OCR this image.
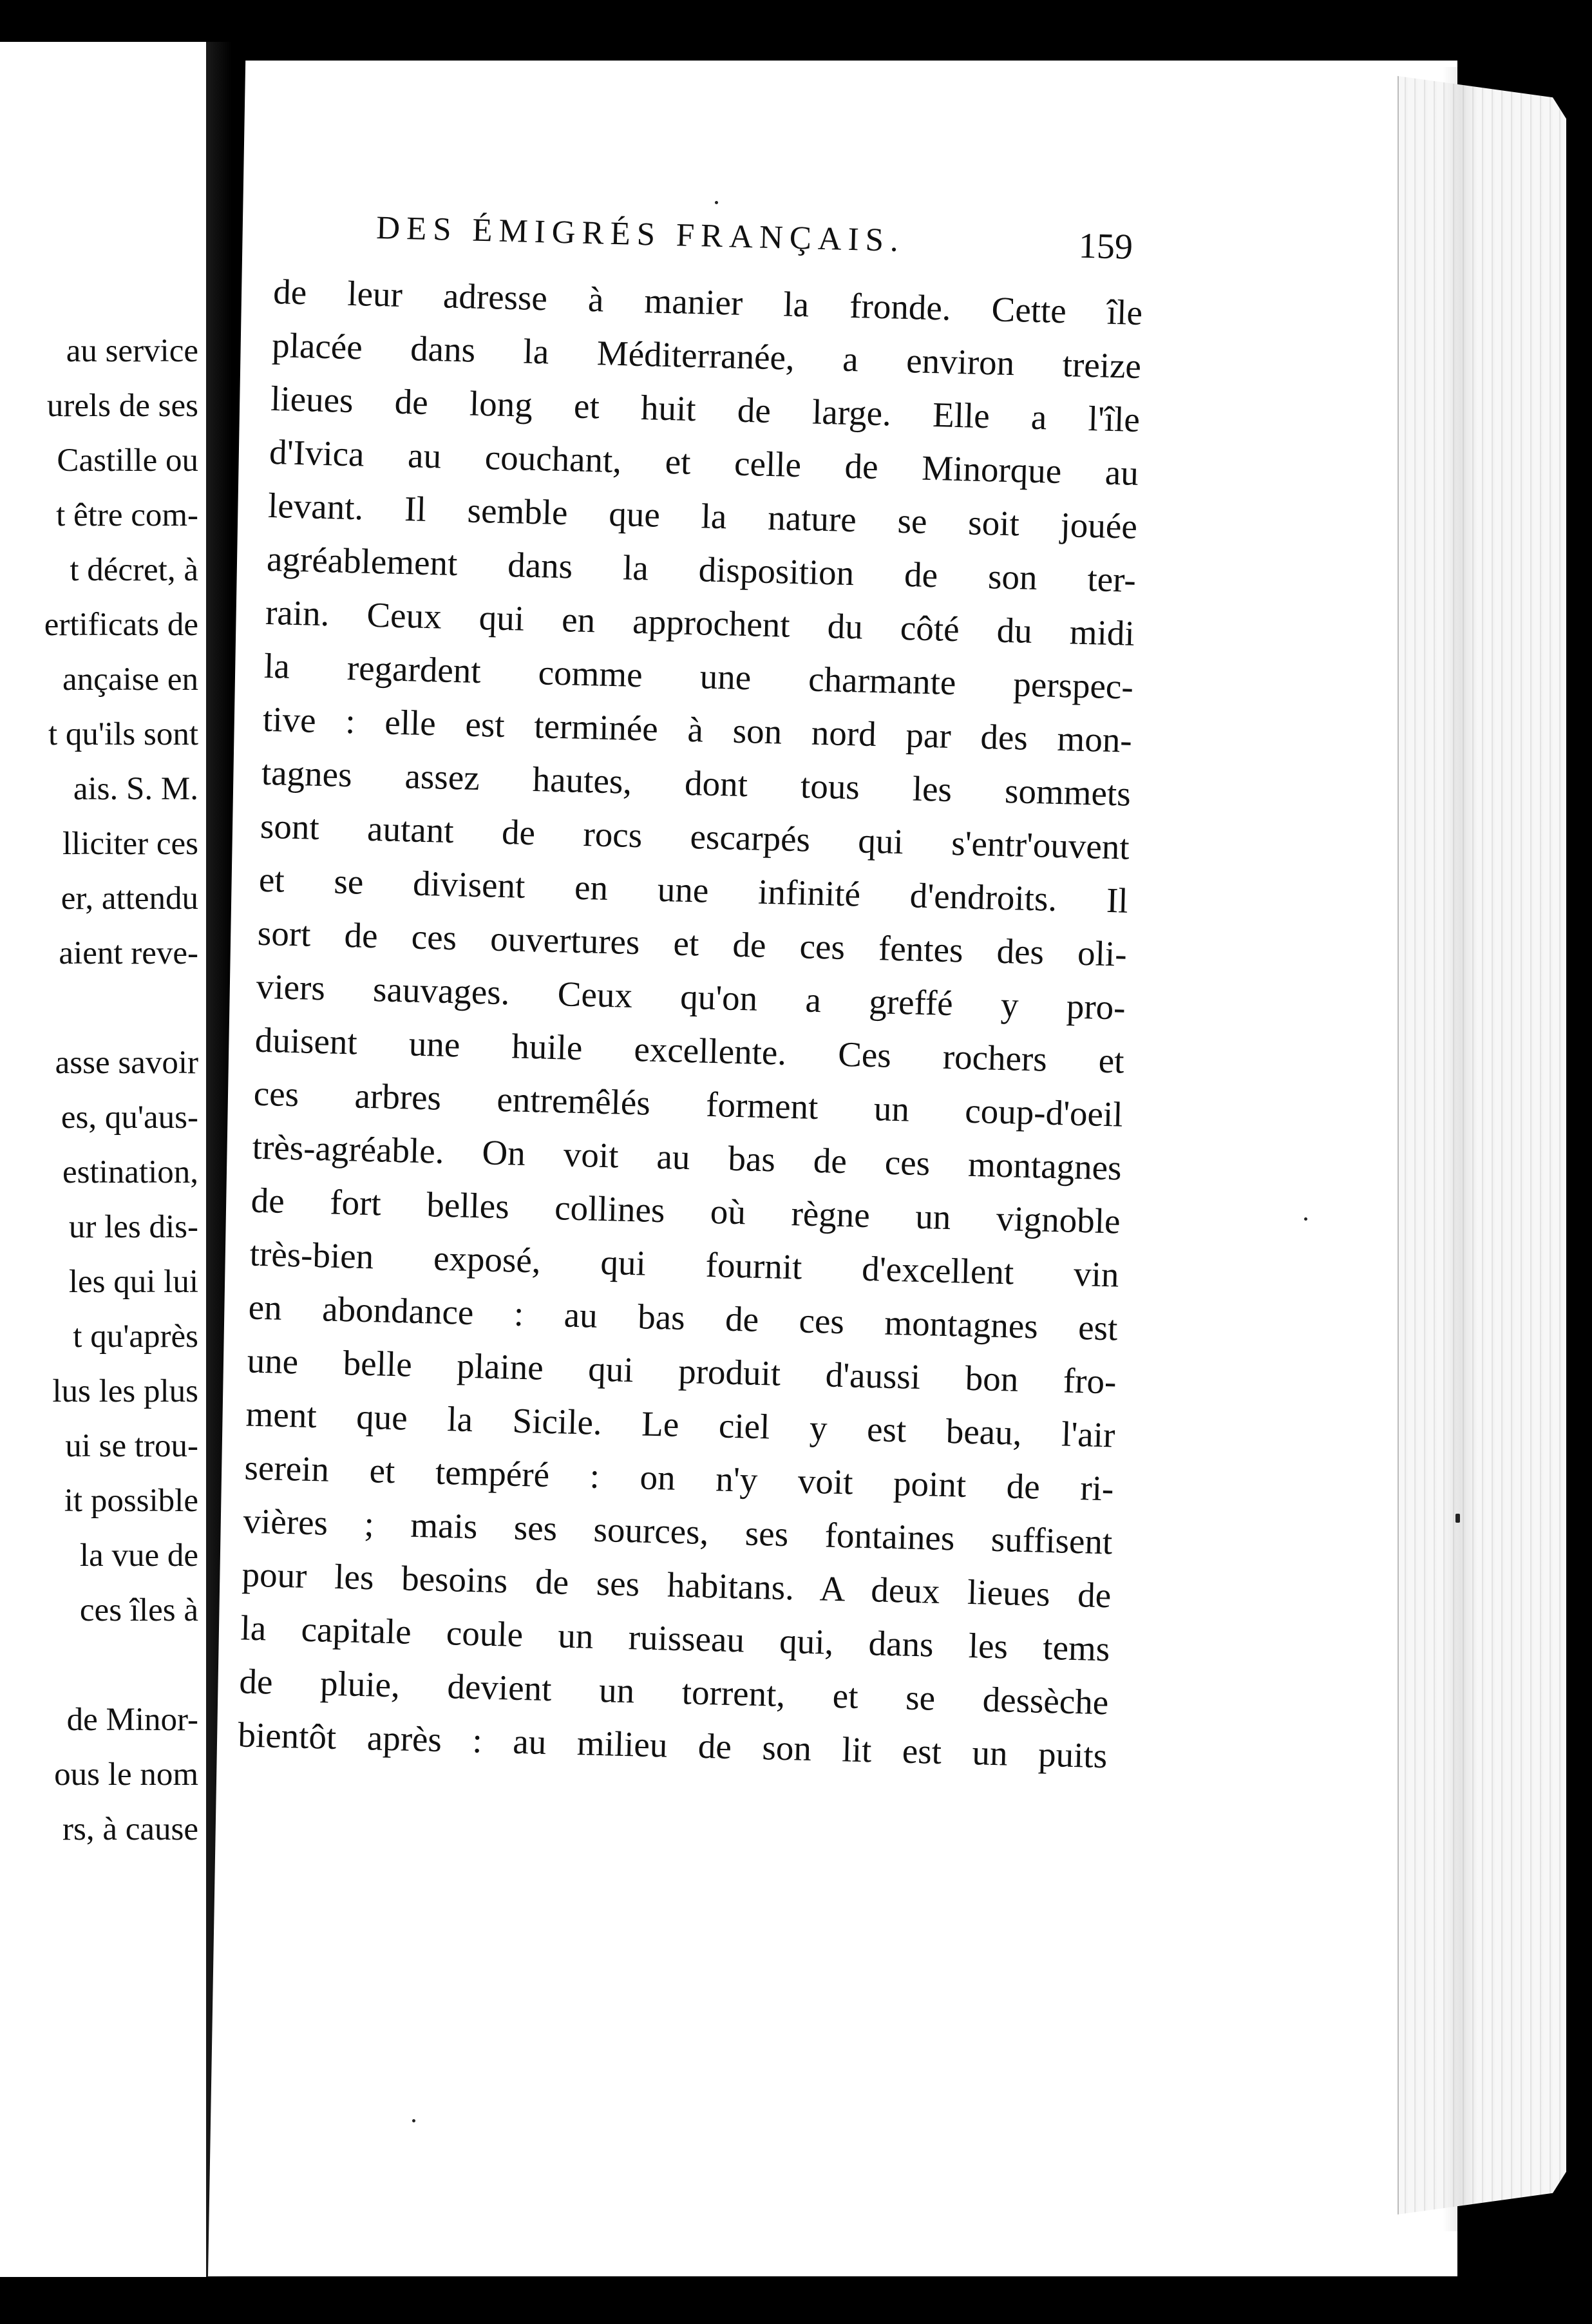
au service
urels de ses
Castille ou
t être com-
t décret, à
ertificats de
ançaise en
t qu'ils sont
ais. S. M.
lliciter ces
er, attendu
aient reve-
asse savoir
es, qu'aus-
estination,
ur les dis-
les qui lui
t qu'après
lus les plus
ui se trou-
it possible
la vue de
ces îles à
de Minor-
ous le nom
rs, à cause
DES ÉMIGRÉS FRANÇAIS.	159
de leur adresse à manier la fronde. Cette île
placée dans la Méditerranée, a environ treize
lieues de long et huit de large. Elle a l'île
d'Ivica au couchant, et celle de Minorque au
levant. Il semble que la nature se soit jouée
agréablement dans la disposition de son ter-
rain. Ceux qui en approchent du côté du midi
la regardent comme une charmante perspec-
tive : elle est terminée à son nord par des mon-
tagnes assez hautes, dont tous les sommets
sont autant de rocs escarpés qui s'entr'ouvent
et se divisent en une infinité d'endroits. Il
sort de ces ouvertures et de ces fentes des oli-
viers sauvages. Ceux qu'on a greffé y pro-
duisent une huile excellente. Ces rochers et
ces arbres entremêlés forment un coup-d'oeil
très-agréable. On voit au bas de ces montagnes
de fort belles collines où règne un vignoble
très-bien exposé, qui fournit d'excellent vin
en abondance : au bas de ces montagnes est
une belle plaine qui produit d'aussi bon fro-
ment que la Sicile. Le ciel y est beau, l'air
serein et tempéré : on n'y voit point de ri-
vières ; mais ses sources, ses fontaines suffisent
pour les besoins de ses habitans. A deux lieues de
la capitale coule un ruisseau qui, dans les tems
de pluie, devient un torrent, et se dessèche
bientôt après : au milieu de son lit est un puits
